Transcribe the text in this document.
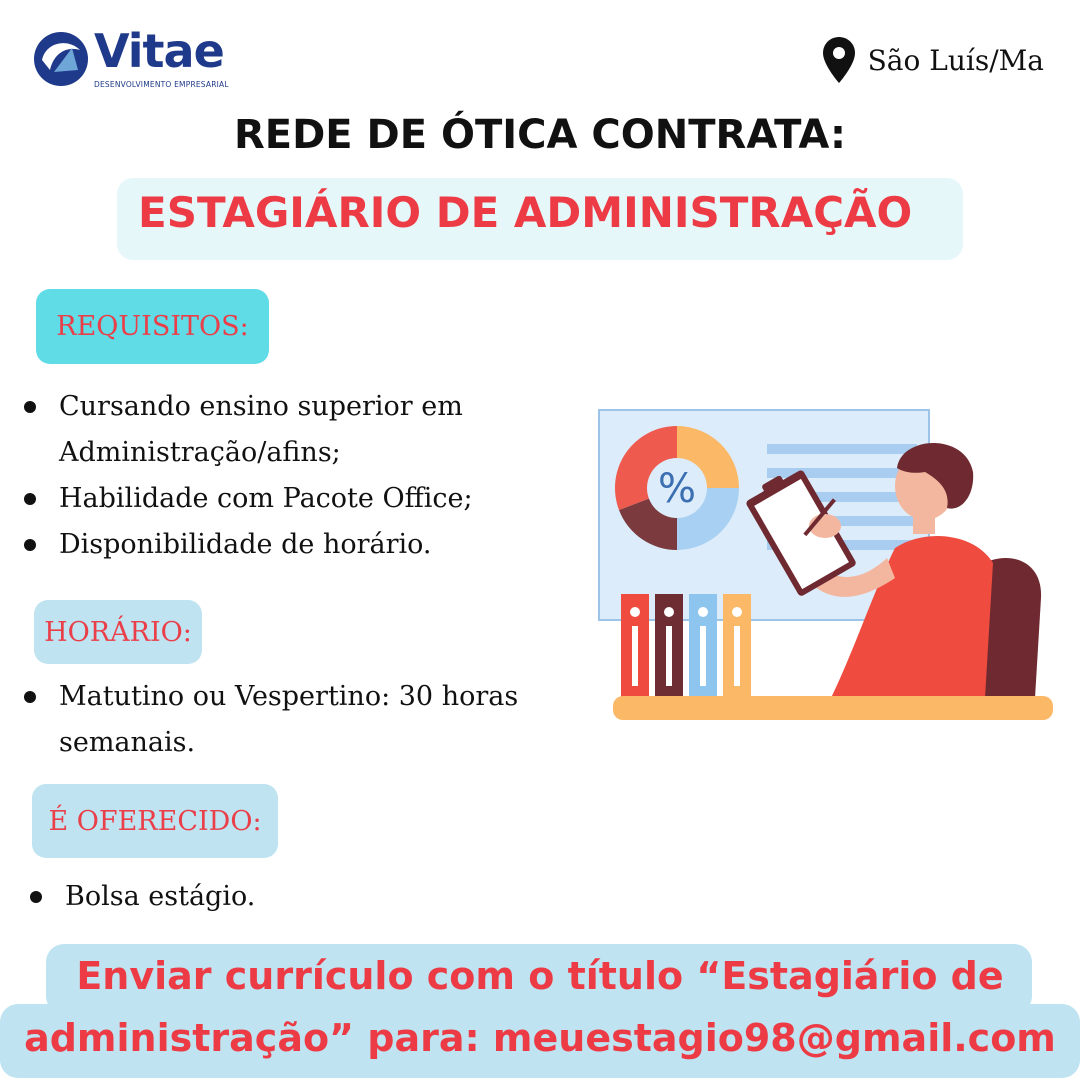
Vitae
DESENVOLVIMENTO EMPRESARIAL
São Luís/Ma
REDE DE ÓTICA CONTRATA:
ESTAGIÁRIO DE ADMINISTRAÇÃO
REQUISITOS:
Cursando ensino superior em Administração/afins;
Habilidade com Pacote Office;
Disponibilidade de horário.
HORÁRIO:
Matutino ou Vespertino: 30 horas semanais.
É OFERECIDO:
Bolsa estágio.
%
Enviar currículo com o título “Estagiário de
administração” para: meuestagio98@gmail.com
